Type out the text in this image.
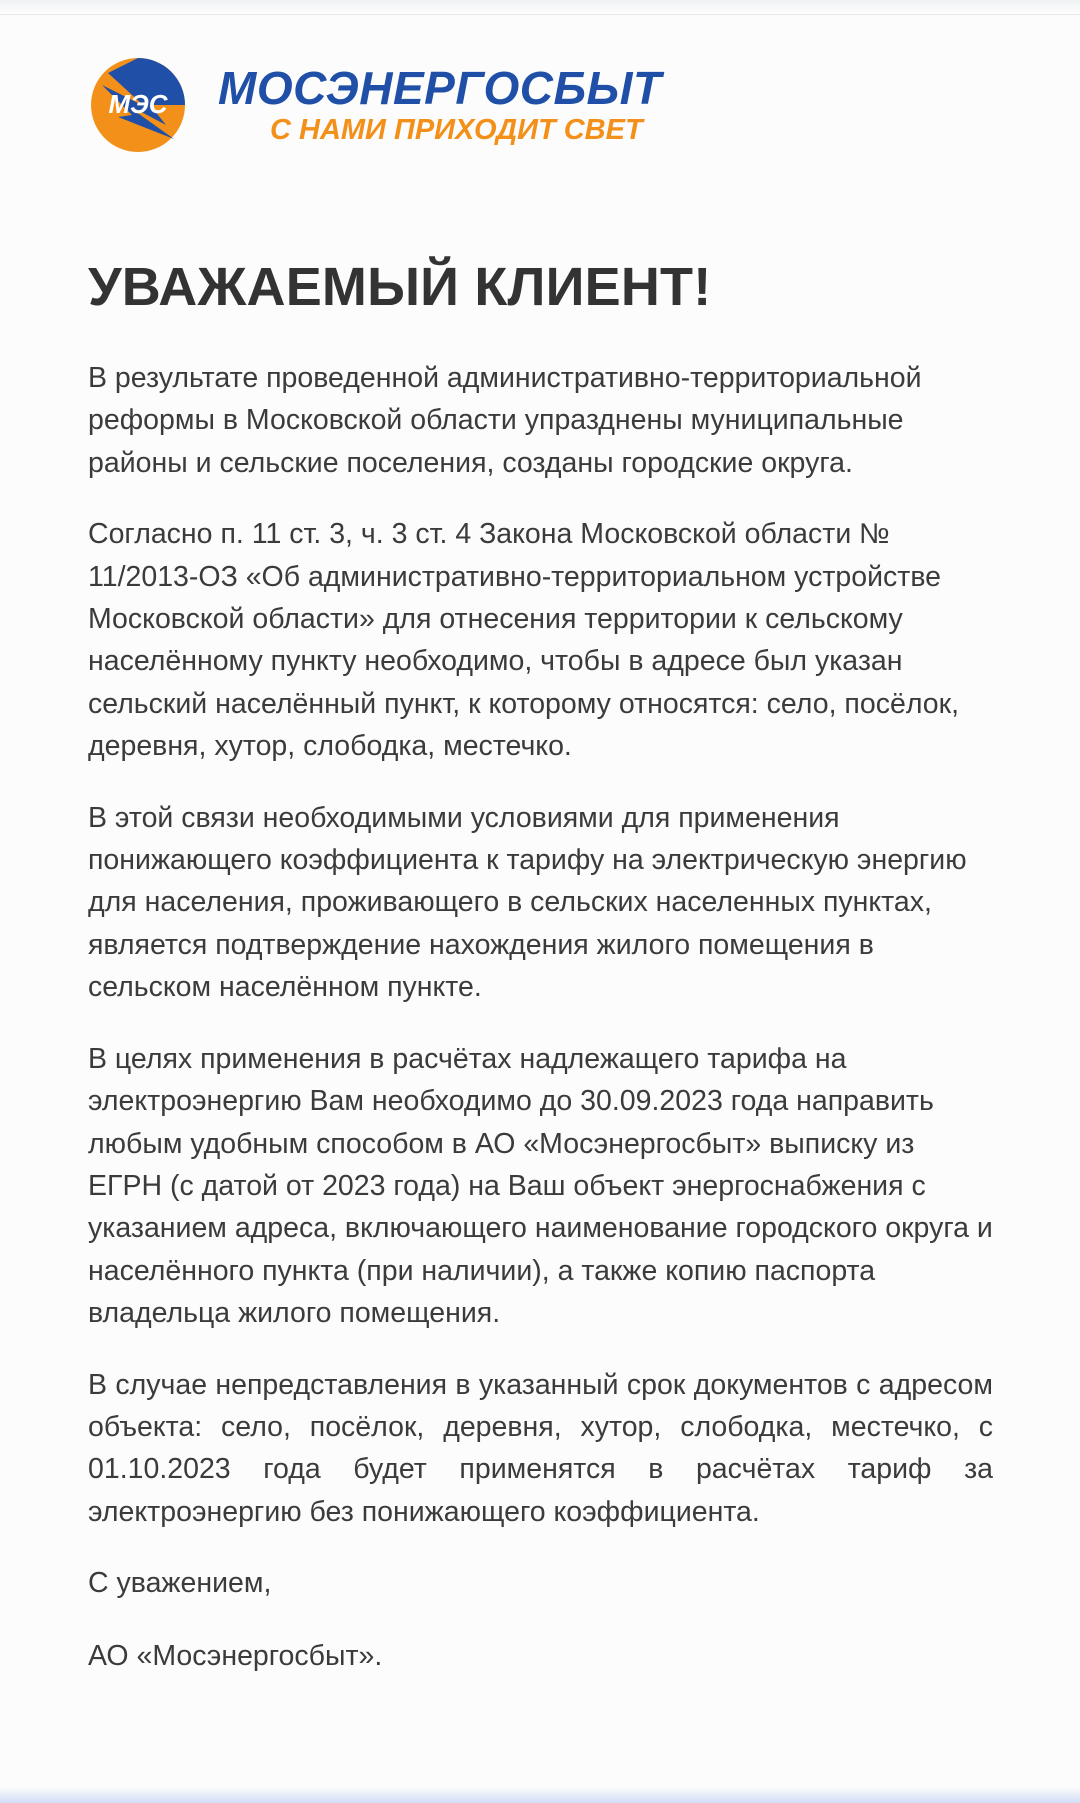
МЭС МОСЭНЕРГОСБЫТ
С НАМИ ПРИХОДИТ СВЕТ
УВАЖАЕМЫЙ КЛИЕНТ!

В результате проведенной административно-территориальной реформы в Московской области упразднены муниципальные районы и сельские поселения, созданы городские округа.

Согласно п. 11 ст. 3, ч. 3 ст. 4 Закона Московской области № 11/2013-ОЗ «Об административно-территориальном устройстве Московской области» для отнесения территории к сельскому населённому пункту необходимо, чтобы в адресе был указан сельский населённый пункт, к которому относятся: село, посёлок, деревня, хутор, слободка, местечко.

В этой связи необходимыми условиями для применения понижающего коэффициента к тарифу на электрическую энергию для населения, проживающего в сельских населенных пунктах, является подтверждение нахождения жилого помещения в сельском населённом пункте.

В целях применения в расчётах надлежащего тарифа на электроэнергию Вам необходимо до 30.09.2023 года направить любым удобным способом в АО «Мосэнергосбыт» выписку из ЕГРН (с датой от 2023 года) на Ваш объект энергоснабжения с указанием адреса, включающего наименование городского округа и населённого пункта (при наличии), а также копию паспорта владельца жилого помещения.

В случае непредставления в указанный срок документов с адресом объекта: село, посёлок, деревня, хутор, слободка, местечко, с 01.10.2023 года будет применятся в расчётах тариф за электроэнергию без понижающего коэффициента.

С уважением,

АО «Мосэнергосбыт».
